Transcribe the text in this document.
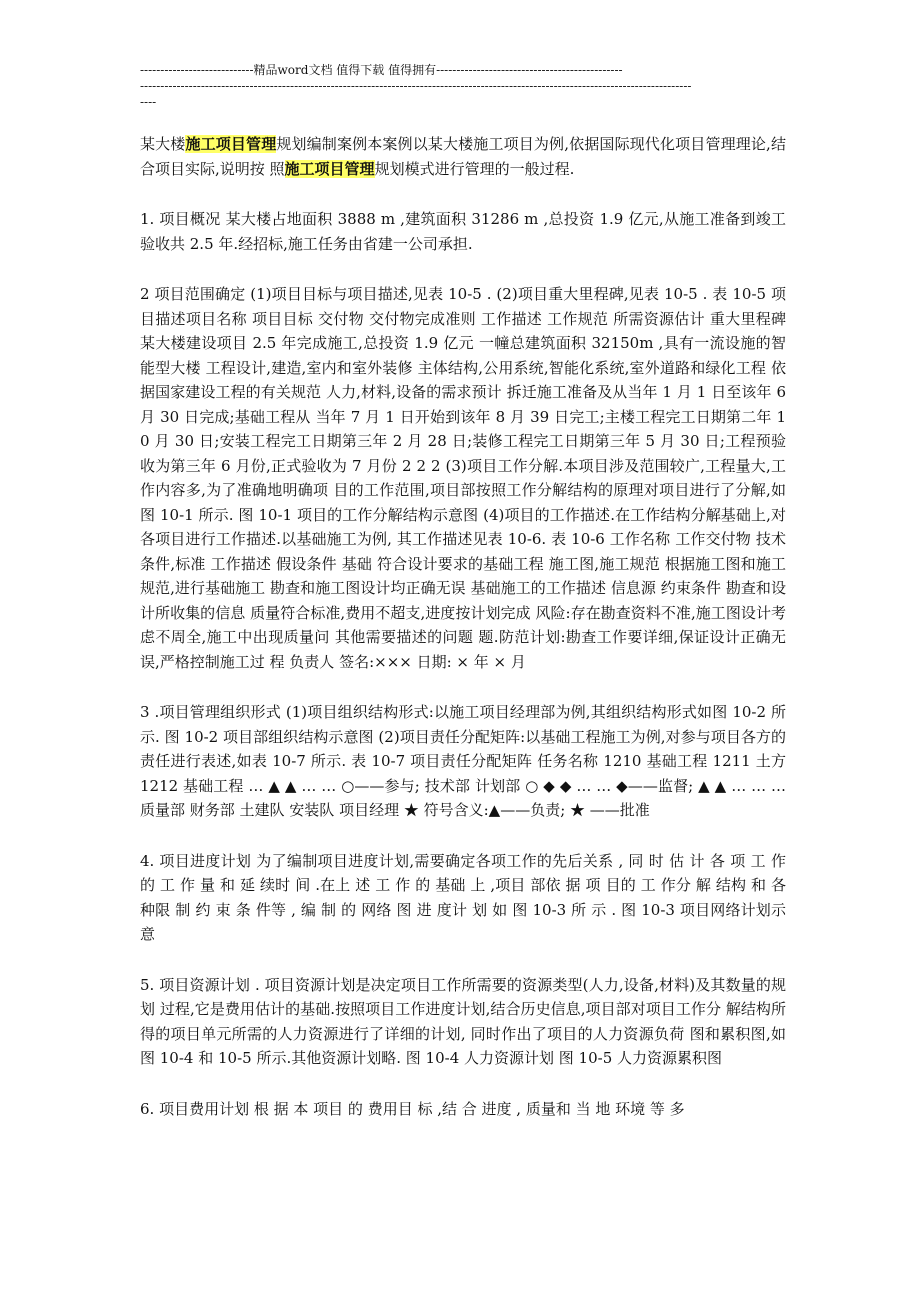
----------------------------精品word文档 值得下载 值得拥有----------------------------------------------
----------------------------------------------------------------------------------------------------------------------------------------
----

某大楼施工项目管理规划编制案例本案例以某大楼施工项目为例,依据国际现代化项目管理理论,结合项目实际,说明按 照施工项目管理规划模式进行管理的一般过程.

1. 项目概况 某大楼占地面积 3888 m ,建筑面积 31286 m ,总投资 1.9 亿元,从施工准备到竣工 验收共 2.5 年.经招标,施工任务由省建一公司承担.

2 项目范围确定 (1)项目目标与项目描述,见表 10-5 . (2)项目重大里程碑,见表 10-5 . 表 10-5 项目描述项目名称 项目目标 交付物 交付物完成准则 工作描述 工作规范 所需资源估计 重大里程碑 某大楼建设项目 2.5 年完成施工,总投资 1.9 亿元 一幢总建筑面积 32150m ,具有一流设施的智能型大楼 工程设计,建造,室内和室外装修 主体结构,公用系统,智能化系统,室外道路和绿化工程 依据国家建设工程的有关规范 人力,材料,设备的需求预计 拆迁施工准备及从当年 1 月 1 日至该年 6 月 30 日完成;基础工程从 当年 7 月 1 日开始到该年 8 月 39 日完工;主楼工程完工日期第二年 10 月 30 日;安装工程完工日期第三年 2 月 28 日;装修工程完工日期第三年 5 月 30 日;工程预验收为第三年 6 月份,正式验收为 7 月份 2 2 2 (3)项目工作分解.本项目涉及范围较广,工程量大,工作内容多,为了准确地明确项 目的工作范围,项目部按照工作分解结构的原理对项目进行了分解,如图 10-1 所示. 图 10-1 项目的工作分解结构示意图 (4)项目的工作描述.在工作结构分解基础上,对各项目进行工作描述.以基础施工为例, 其工作描述见表 10-6. 表 10-6 工作名称 工作交付物 技术条件,标准 工作描述 假设条件 基础 符合设计要求的基础工程 施工图,施工规范 根据施工图和施工规范,进行基础施工 勘查和施工图设计均正确无误 基础施工的工作描述 信息源 约束条件 勘查和设计所收集的信息 质量符合标准,费用不超支,进度按计划完成 风险:存在勘查资料不准,施工图设计考虑不周全,施工中出现质量问 其他需要描述的问题 题.防范计划:勘查工作要详细,保证设计正确无误,严格控制施工过 程 负责人 签名:××× 日期: × 年 × 月

3 .项目管理组织形式 (1)项目组织结构形式:以施工项目经理部为例,其组织结构形式如图 10-2 所示. 图 10-2 项目部组织结构示意图 (2)项目责任分配矩阵:以基础工程施工为例,对参与项目各方的责任进行表述,如表 10-7 所示. 表 10-7 项目责任分配矩阵 任务名称 1210 基础工程 1211 土方 1212 基础工程 … ▲ ▲ … … ○——参与; 技术部 计划部 ○ ◆ ◆ … … ◆——监督; ▲ ▲ … … … 质量部 财务部 土建队 安装队 项目经理 ★ 符号含义:▲——负责; ★ ——批准

4. 项目进度计划 为了编制项目进度计划,需要确定各项工作的先后关系 , 同 时 估 计 各 项 工 作 的 工 作 量 和 延 续时 间 .在上 述 工 作 的 基础 上 ,项目 部依 据 项 目的 工 作分 解 结构 和 各 种限 制 约 束 条 件等 , 编 制 的 网络 图 进 度计 划 如 图 10-3 所 示 . 图 10-3 项目网络计划示意

5. 项目资源计划 . 项目资源计划是决定项目工作所需要的资源类型(人力,设备,材料)及其数量的规划 过程,它是费用估计的基础.按照项目工作进度计划,结合历史信息,项目部对项目工作分 解结构所得的项目单元所需的人力资源进行了详细的计划, 同时作出了项目的人力资源负荷 图和累积图,如图 10-4 和 10-5 所示.其他资源计划略. 图 10-4 人力资源计划 图 10-5 人力资源累积图

6. 项目费用计划 根 据 本 项目 的 费用目 标 ,结 合 进度 , 质量和 当 地 环境 等 多
